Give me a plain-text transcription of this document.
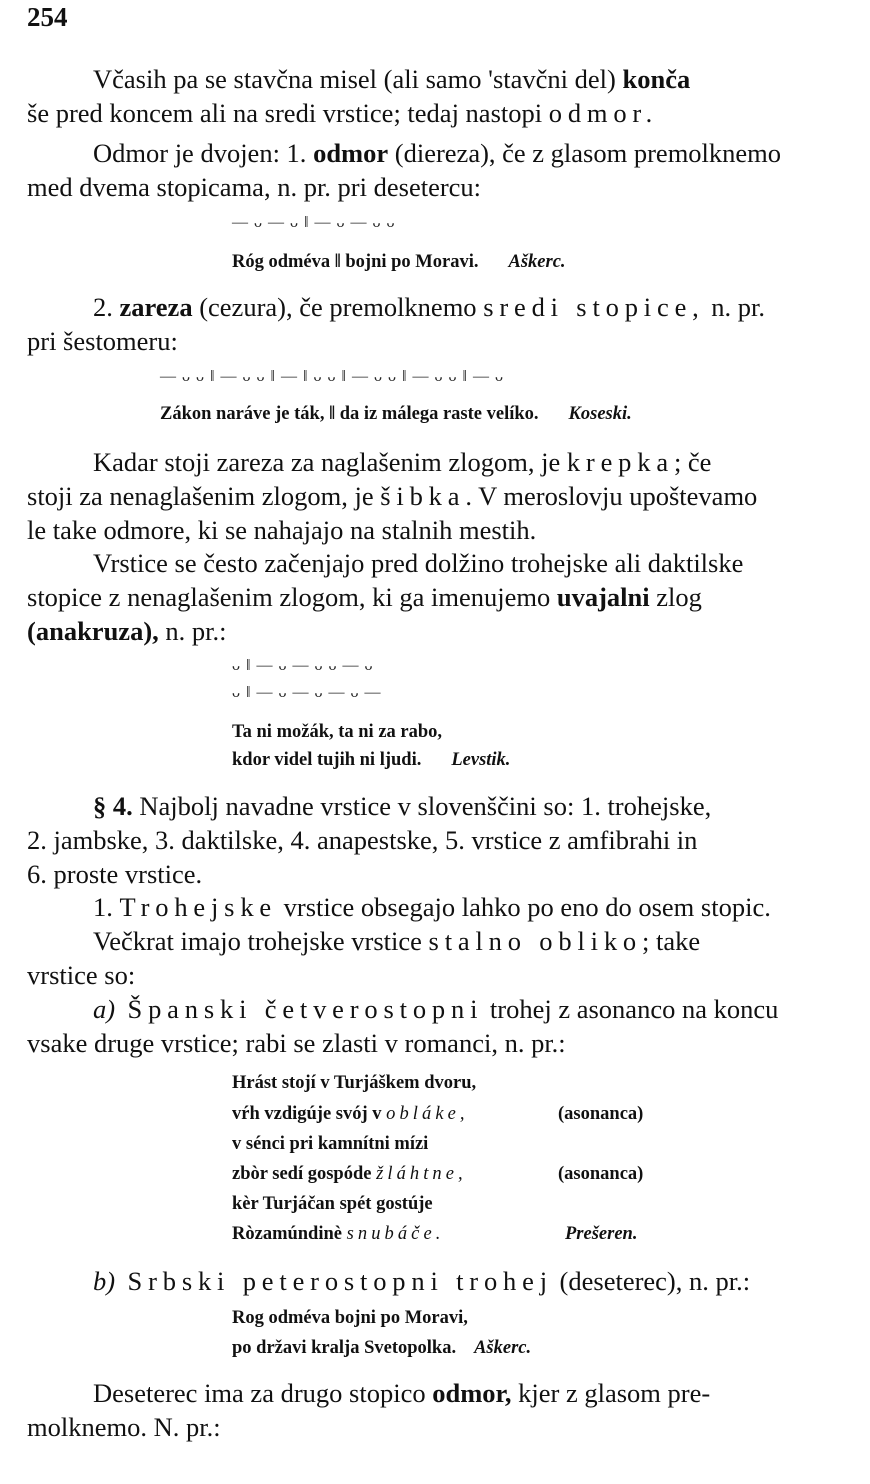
254
Včasih pa se stavčna misel (ali samo 'stavčni del) konča
še pred koncem ali na sredi vrstice; tedaj nastopi odmor.
Odmor je dvojen: 1. odmor (diereza), če z glasom premolknemo
med dvema stopicama, n. pr. pri desetercu:
— ᴗ — ᴗ ‖ — ᴗ — ᴗ ᴗ
Róg odméva ‖ bojni po Moravi. Aškerc.
2. zareza (cezura), če premolknemo sredi stopice, n. pr.
pri šestomeru:
— ᴗ ᴗ ‖ — ᴗ ᴗ ‖ — ‖ ᴗ ᴗ ‖ — ᴗ ᴗ ‖ — ᴗ ᴗ ‖ — ᴗ
Zákon naráve je ták, ‖ da iz málega raste velíko. Koseski.
Kadar stoji zareza za naglašenim zlogom, je krepka; če
stoji za nenaglašenim zlogom, je šibka. V meroslovju upoštevamo
le take odmore, ki se nahajajo na stalnih mestih.
Vrstice se često začenjajo pred dolžino trohejske ali daktilske
stopice z nenaglašenim zlogom, ki ga imenujemo uvajalni zlog
(anakruza), n. pr.:
ᴗ ‖ — ᴗ — ᴗ ᴗ — ᴗ
ᴗ ‖ — ᴗ — ᴗ — ᴗ —
Ta ni možák, ta ni za rabo,
kdor videl tujih ni ljudi. Levstik.
§ 4. Najbolj navadne vrstice v slovenščini so: 1. trohejske,
2. jambske, 3. daktilske, 4. anapestske, 5. vrstice z amfibrahi in
6. proste vrstice.
1. Trohejske vrstice obsegajo lahko po eno do osem stopic.
Večkrat imajo trohejske vrstice stalno obliko; take
vrstice so:
a) Španski četverostopni trohej z asonanco na koncu
vsake druge vrstice; rabi se zlasti v romanci, n. pr.:
Hrást stojí v Turjáškem dvoru,
vŕh vzdigúje svój v obláke,	(asonanca)
v sénci pri kamnítni mízi
zbòr sedí gospóde žláhtne,	(asonanca)
kèr Turjáčan spét gostúje
Ròzamúndinè snubáče.	Prešeren.
b) Srbski peterostopni trohej (deseterec), n. pr.:
Rog odméva bojni po Moravi,
po državi kralja Svetopolka. Aškerc.
Deseterec ima za drugo stopico odmor, kjer z glasom pre-
molknemo. N. pr.:
